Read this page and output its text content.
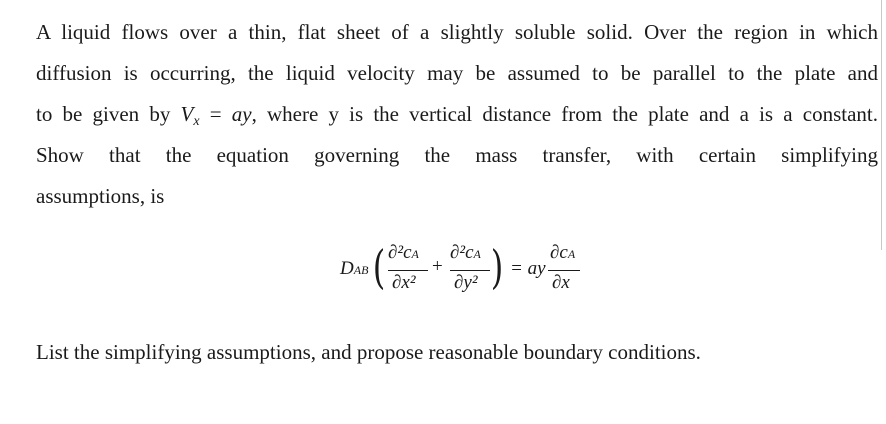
A liquid flows over a thin, flat sheet of a slightly soluble solid. Over the region in which
diffusion is occurring, the liquid velocity may be assumed to be parallel to the plate and
to be given by $V_x$ = ay, where y is the vertical distance from the plate and a is a constant.
Show that the equation governing the mass transfer, with certain simplifying
assumptions, is
DAB ( ∂²cA
∂x²
+
∂²cA
∂y² ) = ay
∂cA
∂x
List the simplifying assumptions, and propose reasonable boundary conditions.
